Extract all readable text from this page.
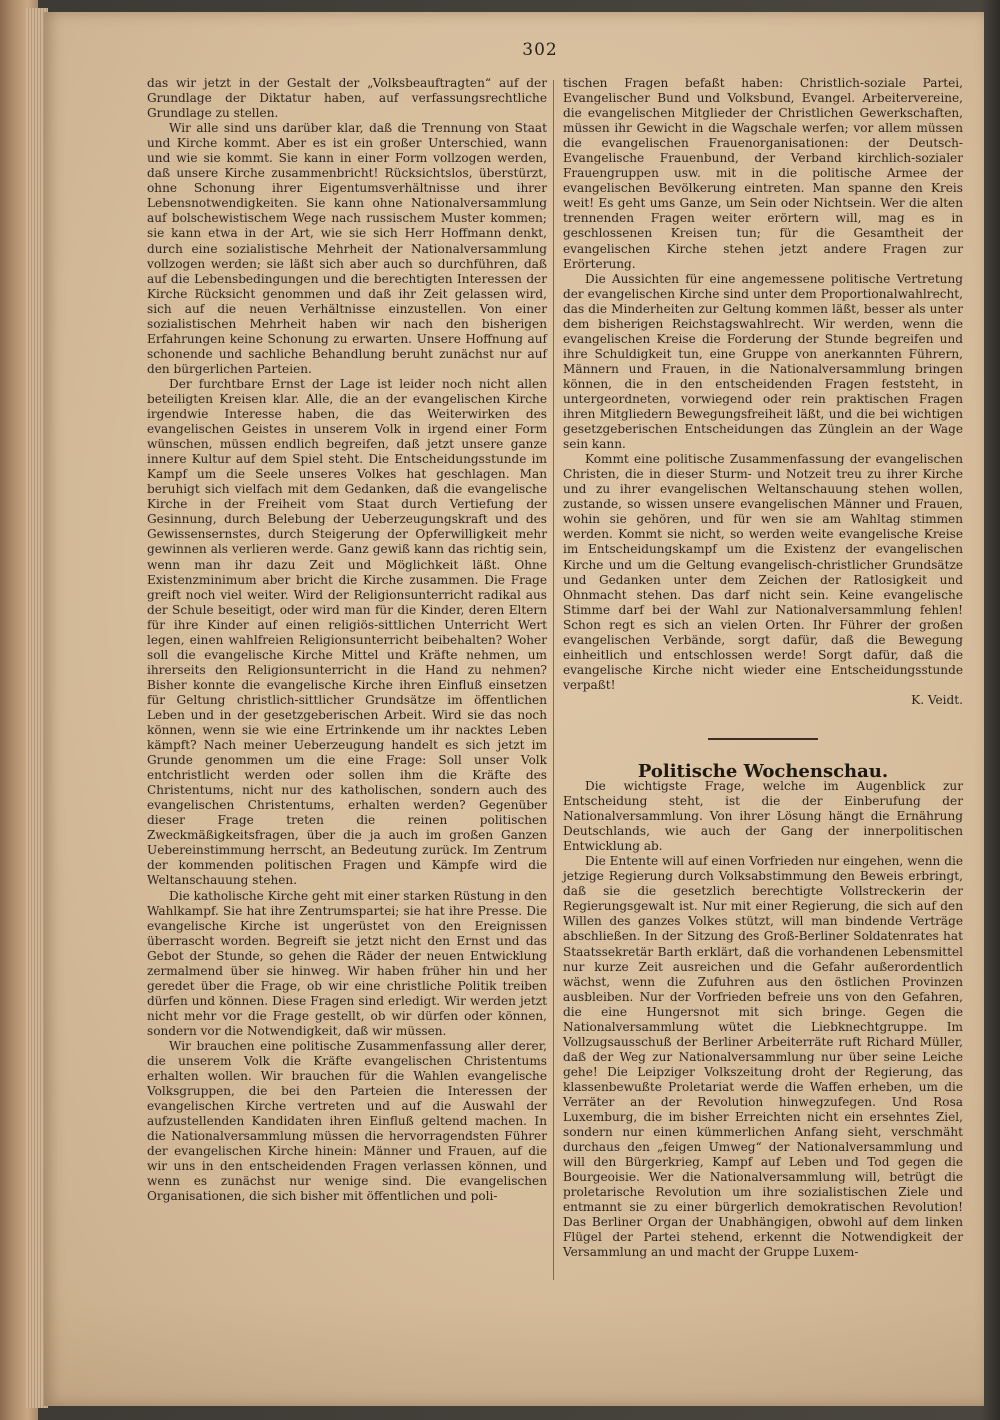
302

das wir jetzt in der Gestalt der „Volksbeauftragten“ auf der Grundlage der Diktatur haben, auf verfassungsrechtliche Grundlage zu stellen.

Wir alle sind uns darüber klar, daß die Trennung von Staat und Kirche kommt. Aber es ist ein großer Unterschied, wann und wie sie kommt. Sie kann in einer Form vollzogen werden, daß unsere Kirche zusammenbricht! Rücksichtslos, überstürzt, ohne Schonung ihrer Eigentumsverhältnisse und ihrer Lebensnotwendigkeiten. Sie kann ohne Nationalversammlung auf bolschewistischem Wege nach russischem Muster kommen; sie kann etwa in der Art, wie sie sich Herr Hoffmann denkt, durch eine sozialistische Mehrheit der Nationalversammlung vollzogen werden; sie läßt sich aber auch so durchführen, daß auf die Lebensbedingungen und die berechtigten Interessen der Kirche Rücksicht genommen und daß ihr Zeit gelassen wird, sich auf die neuen Verhältnisse einzustellen. Von einer sozialistischen Mehrheit haben wir nach den bisherigen Erfahrungen keine Schonung zu erwarten. Unsere Hoffnung auf schonende und sachliche Behandlung beruht zunächst nur auf den bürgerlichen Parteien.

Der furchtbare Ernst der Lage ist leider noch nicht allen beteiligten Kreisen klar. Alle, die an der evangelischen Kirche irgendwie Interesse haben, die das Weiterwirken des evangelischen Geistes in unserem Volk in irgend einer Form wünschen, müssen endlich begreifen, daß jetzt unsere ganze innere Kultur auf dem Spiel steht. Die Entscheidungsstunde im Kampf um die Seele unseres Volkes hat geschlagen. Man beruhigt sich vielfach mit dem Gedanken, daß die evangelische Kirche in der Freiheit vom Staat durch Vertiefung der Gesinnung, durch Belebung der Ueberzeugungskraft und des Gewissensernstes, durch Steigerung der Opferwilligkeit mehr gewinnen als verlieren werde. Ganz gewiß kann das richtig sein, wenn man ihr dazu Zeit und Möglichkeit läßt. Ohne Existenzminimum aber bricht die Kirche zusammen. Die Frage greift noch viel weiter. Wird der Religionsunterricht radikal aus der Schule beseitigt, oder wird man für die Kinder, deren Eltern für ihre Kinder auf einen religiös-sittlichen Unterricht Wert legen, einen wahlfreien Religionsunterricht beibehalten? Woher soll die evangelische Kirche Mittel und Kräfte nehmen, um ihrerseits den Religionsunterricht in die Hand zu nehmen? Bisher konnte die evangelische Kirche ihren Einfluß einsetzen für Geltung christlich-sittlicher Grundsätze im öffentlichen Leben und in der gesetzgeberischen Arbeit. Wird sie das noch können, wenn sie wie eine Ertrinkende um ihr nacktes Leben kämpft? Nach meiner Ueberzeugung handelt es sich jetzt im Grunde genommen um die eine Frage: Soll unser Volk entchristlicht werden oder sollen ihm die Kräfte des Christentums, nicht nur des katholischen, sondern auch des evangelischen Christentums, erhalten werden? Gegenüber dieser Frage treten die reinen politischen Zweckmäßigkeitsfragen, über die ja auch im großen Ganzen Uebereinstimmung herrscht, an Bedeutung zurück. Im Zentrum der kommenden politischen Fragen und Kämpfe wird die Weltanschauung stehen.

Die katholische Kirche geht mit einer starken Rüstung in den Wahlkampf. Sie hat ihre Zentrumspartei; sie hat ihre Presse. Die evangelische Kirche ist ungerüstet von den Ereignissen überrascht worden. Begreift sie jetzt nicht den Ernst und das Gebot der Stunde, so gehen die Räder der neuen Entwicklung zermalmend über sie hinweg. Wir haben früher hin und her geredet über die Frage, ob wir eine christliche Politik treiben dürfen und können. Diese Fragen sind erledigt. Wir werden jetzt nicht mehr vor die Frage gestellt, ob wir dürfen oder können, sondern vor die Notwendigkeit, daß wir müssen.

Wir brauchen eine politische Zusammenfassung aller derer, die unserem Volk die Kräfte evangelischen Christentums erhalten wollen. Wir brauchen für die Wahlen evangelische Volksgruppen, die bei den Parteien die Interessen der evangelischen Kirche vertreten und auf die Auswahl der aufzustellenden Kandidaten ihren Einfluß geltend machen. In die Nationalversammlung müssen die hervorragendsten Führer der evangelischen Kirche hinein: Männer und Frauen, auf die wir uns in den entscheidenden Fragen verlassen können, und wenn es zunächst nur wenige sind. Die evangelischen Organisationen, die sich bisher mit öffentlichen und poli-

tischen Fragen befaßt haben: Christlich-soziale Partei, Evangelischer Bund und Volksbund, Evangel. Arbeitervereine, die evangelischen Mitglieder der Christlichen Gewerkschaften, müssen ihr Gewicht in die Wagschale werfen; vor allem müssen die evangelischen Frauenorganisationen: der Deutsch-Evangelische Frauenbund, der Verband kirchlich-sozialer Frauengruppen usw. mit in die politische Armee der evangelischen Bevölkerung eintreten. Man spanne den Kreis weit! Es geht ums Ganze, um Sein oder Nichtsein. Wer die alten trennenden Fragen weiter erörtern will, mag es in geschlossenen Kreisen tun; für die Gesamtheit der evangelischen Kirche stehen jetzt andere Fragen zur Erörterung.

Die Aussichten für eine angemessene politische Vertretung der evangelischen Kirche sind unter dem Proportionalwahlrecht, das die Minderheiten zur Geltung kommen läßt, besser als unter dem bisherigen Reichstagswahlrecht. Wir werden, wenn die evangelischen Kreise die Forderung der Stunde begreifen und ihre Schuldigkeit tun, eine Gruppe von anerkannten Führern, Männern und Frauen, in die Nationalversammlung bringen können, die in den entscheidenden Fragen feststeht, in untergeordneten, vorwiegend oder rein praktischen Fragen ihren Mitgliedern Bewegungsfreiheit läßt, und die bei wichtigen gesetzgeberischen Entscheidungen das Zünglein an der Wage sein kann.

Kommt eine politische Zusammenfassung der evangelischen Christen, die in dieser Sturm- und Notzeit treu zu ihrer Kirche und zu ihrer evangelischen Weltanschauung stehen wollen, zustande, so wissen unsere evangelischen Männer und Frauen, wohin sie gehören, und für wen sie am Wahltag stimmen werden. Kommt sie nicht, so werden weite evangelische Kreise im Entscheidungskampf um die Existenz der evangelischen Kirche und um die Geltung evangelisch-christlicher Grundsätze und Gedanken unter dem Zeichen der Ratlosigkeit und Ohnmacht stehen. Das darf nicht sein. Keine evangelische Stimme darf bei der Wahl zur Nationalversammlung fehlen! Schon regt es sich an vielen Orten. Ihr Führer der großen evangelischen Verbände, sorgt dafür, daß die Bewegung einheitlich und entschlossen werde! Sorgt dafür, daß die evangelische Kirche nicht wieder eine Entscheidungsstunde verpaßt!

K. Veidt.

Politische Wochenschau.

Die wichtigste Frage, welche im Augenblick zur Entscheidung steht, ist die der Einberufung der Nationalversammlung. Von ihrer Lösung hängt die Ernährung Deutschlands, wie auch der Gang der innerpolitischen Entwicklung ab.

Die Entente will auf einen Vorfrieden nur eingehen, wenn die jetzige Regierung durch Volksabstimmung den Beweis erbringt, daß sie die gesetzlich berechtigte Vollstreckerin der Regierungsgewalt ist. Nur mit einer Regierung, die sich auf den Willen des ganzes Volkes stützt, will man bindende Verträge abschließen. In der Sitzung des Groß-Berliner Soldatenrates hat Staatssekretär Barth erklärt, daß die vorhandenen Lebensmittel nur kurze Zeit ausreichen und die Gefahr außerordentlich wächst, wenn die Zufuhren aus den östlichen Provinzen ausbleiben. Nur der Vorfrieden befreie uns von den Gefahren, die eine Hungersnot mit sich bringe. Gegen die Nationalversammlung wütet die Liebknechtgruppe. Im Vollzugsausschuß der Berliner Arbeiterräte ruft Richard Müller, daß der Weg zur Nationalversammlung nur über seine Leiche gehe! Die Leipziger Volkszeitung droht der Regierung, das klassenbewußte Proletariat werde die Waffen erheben, um die Verräter an der Revolution hinwegzufegen. Und Rosa Luxemburg, die im bisher Erreichten nicht ein ersehntes Ziel, sondern nur einen kümmerlichen Anfang sieht, verschmäht durchaus den „feigen Umweg“ der Nationalversammlung und will den Bürgerkrieg, Kampf auf Leben und Tod gegen die Bourgeoisie. Wer die Nationalversammlung will, betrügt die proletarische Revolution um ihre sozialistischen Ziele und entmannt sie zu einer bürgerlich demokratischen Revolution! Das Berliner Organ der Unabhängigen, obwohl auf dem linken Flügel der Partei stehend, erkennt die Notwendigkeit der Versammlung an und macht der Gruppe Luxem-
